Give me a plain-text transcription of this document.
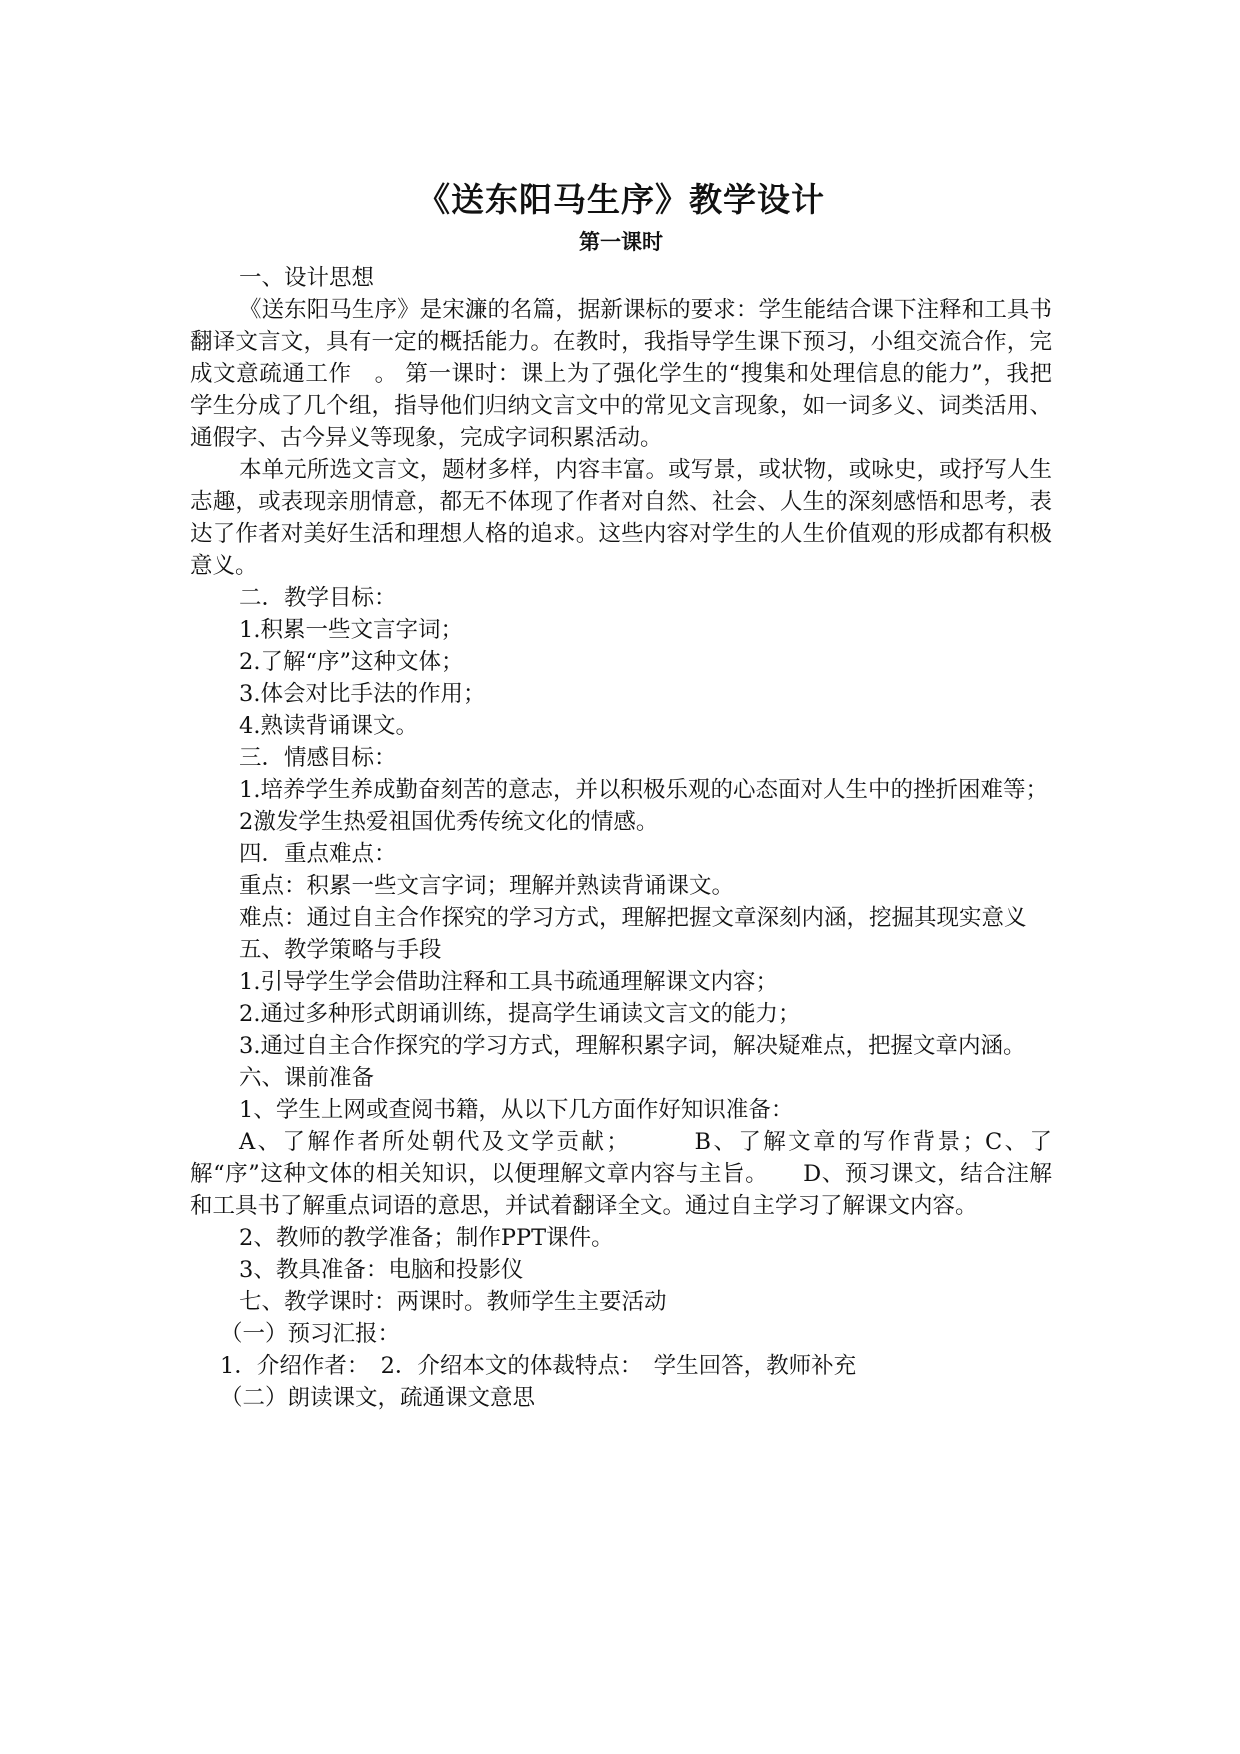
《送东阳马生序》教学设计
第一课时

一、设计思想

《送东阳马生序》是宋濂的名篇，据新课标的要求：学生能结合课下注释和工具书翻译文言文，具有一定的概括能力。在教时，我指导学生课下预习，小组交流合作，完成文意疏通工作　。 第一课时：课上为了强化学生的“搜集和处理信息的能力”，我把学生分成了几个组，指导他们归纳文言文中的常见文言现象，如一词多义、词类活用、通假字、古今异义等现象，完成字词积累活动。

本单元所选文言文，题材多样，内容丰富。或写景，或状物，或咏史，或抒写人生志趣，或表现亲朋情意，都无不体现了作者对自然、社会、人生的深刻感悟和思考，表达了作者对美好生活和理想人格的追求。这些内容对学生的人生价值观的形成都有积极意义。

二．教学目标：

1.积累一些文言字词；

2.了解“序”这种文体；

3.体会对比手法的作用；

4.熟读背诵课文。

三．情感目标：

1.培养学生养成勤奋刻苦的意志，并以积极乐观的心态面对人生中的挫折困难等；

2激发学生热爱祖国优秀传统文化的情感。

四．重点难点：

重点：积累一些文言字词；理解并熟读背诵课文。

难点：通过自主合作探究的学习方式，理解把握文章深刻内涵，挖掘其现实意义

五、教学策略与手段

1.引导学生学会借助注释和工具书疏通理解课文内容；

2.通过多种形式朗诵训练，提高学生诵读文言文的能力；

3.通过自主合作探究的学习方式，理解积累字词，解决疑难点，把握文章内涵。

六、课前准备

1、学生上网或查阅书籍，从以下几方面作好知识准备：

A、了解作者所处朝代及文学贡献；　　　B、了解文章的写作背景；C、了解“序”这种文体的相关知识，以便理解文章内容与主旨。　　D、预习课文，结合注解和工具书了解重点词语的意思，并试着翻译全文。通过自主学习了解课文内容。

2、教师的教学准备；制作PPT课件。

3、教具准备：电脑和投影仪

七、教学课时：两课时。教师学生主要活动

（一）预习汇报：

1．介绍作者：　2．介绍本文的体裁特点：　学生回答，教师补充

（二）朗读课文，疏通课文意思
